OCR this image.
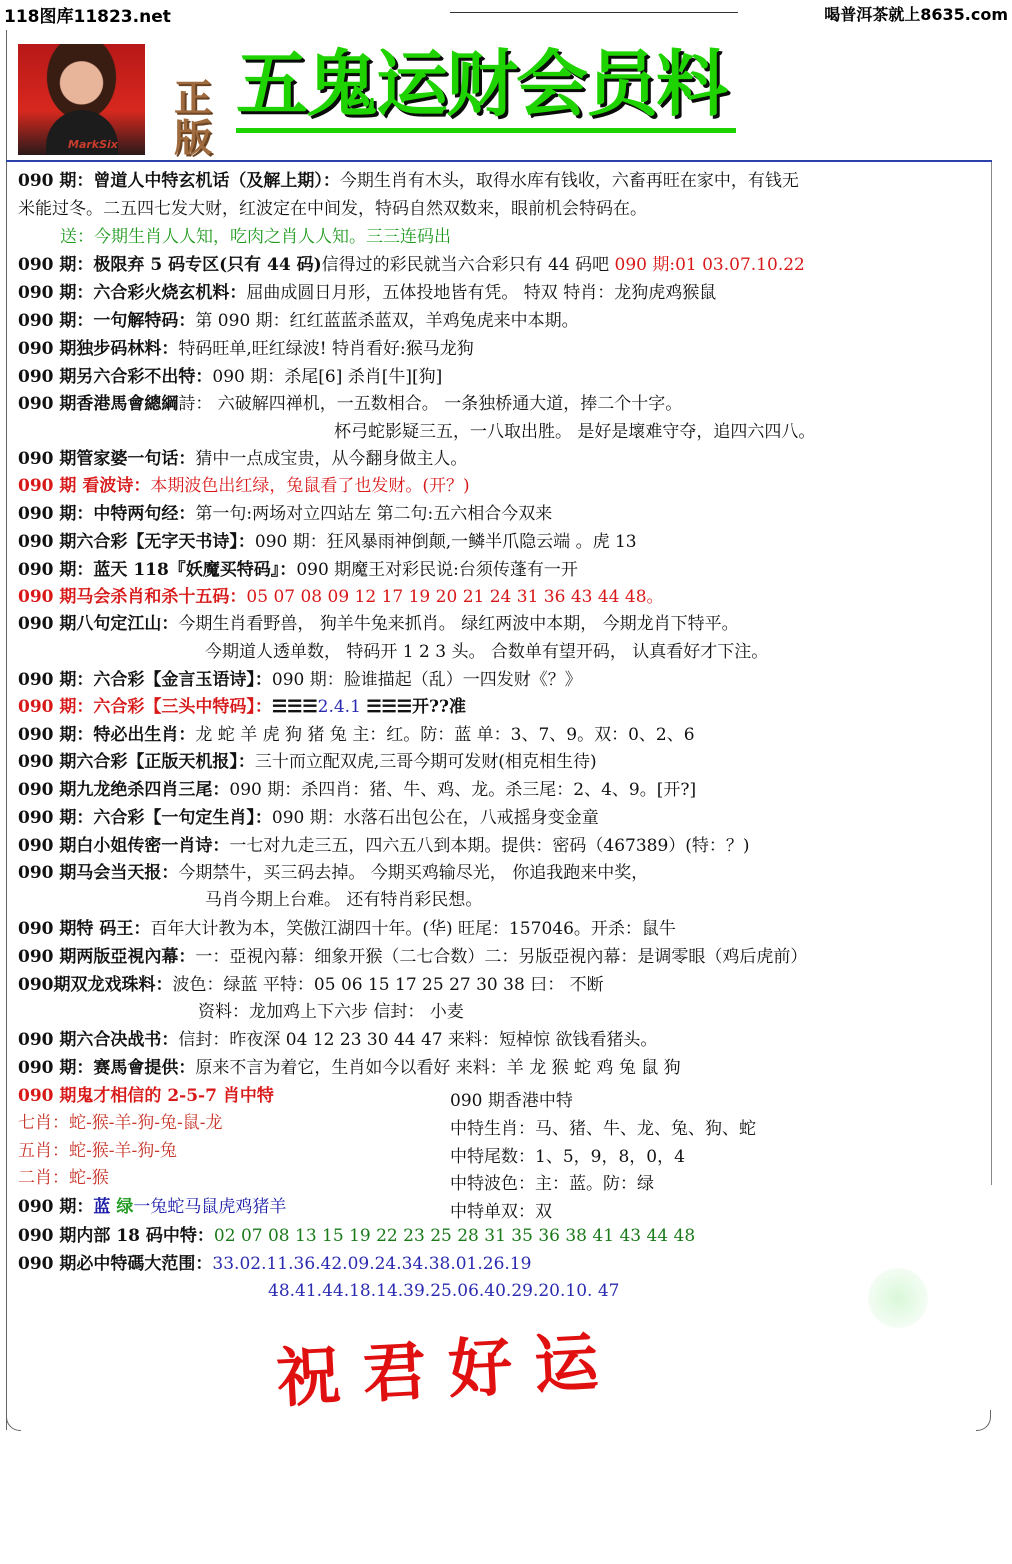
118图库11823.net	喝普洱茶就上8635.com
MarkSix
正版
五鬼运财会员料
090 期：曾道人中特玄机话（及解上期）：今期生肖有木头，取得水库有钱收，六畜再旺在家中，有钱无
米能过冬。二五四七发大财，红波定在中间发，特码自然双数来，眼前机会特码在。
送：今期生肖人人知，吃肉之肖人人知。三三连码出
090 期：极限弃 5 码专区(只有 44 码)信得过的彩民就当六合彩只有 44 码吧 090 期:01 03.07.10.22
090 期：六合彩火烧玄机料：屈曲成圆日月形，五体投地皆有凭。 特双 特肖：龙狗虎鸡猴鼠
090 期：一句解特码：第 090 期：红红蓝蓝杀蓝双，羊鸡兔虎来中本期。
090 期独步码林料：特码旺单,旺红绿波! 特肖看好:猴马龙狗
090 期另六合彩不出特：090 期：杀尾[6] 杀肖[牛][狗]
090 期香港馬會總綱詩： 六破解四禅机，一五数相合。 一条独桥通大道，捧二个十字。
杯弓蛇影疑三五，一八取出胜。 是好是壞难守夺，追四六四八。
090 期管家婆一句话：猜中一点成宝贵，从今翻身做主人。
090 期 看波诗：本期波色出红绿，兔鼠看了也发财。(开？)
090 期：中特两句经：第一句:两场对立四站左 第二句:五六相合今双来
090 期六合彩【无字天书诗】：090 期：狂风暴雨神倒颠,一鳞半爪隐云端 。虎 13
090 期：蓝天 118『妖魔买特码』：090 期魔王对彩民说:台须传蓬有一开
090 期马会杀肖和杀十五码：05 07 08 09 12 17 19 20 21 24 31 36 43 44 48。
090 期八句定江山：今期生肖看野兽， 狗羊牛兔来抓肖。 绿红两波中本期， 今期龙肖下特平。
今期道人透单数， 特码开 1 2 3 头。 合数单有望开码， 认真看好才下注。
090 期：六合彩【金言玉语诗】：090 期：脸谁描起（乱）一四发财《？》
090 期：六合彩【三头中特码】：☰☰☰2.4.1 ☰☰☰开??准
090 期：特必出生肖：龙 蛇 羊 虎 狗 猪 兔 主：红。防：蓝 单：3、7、9。双：0、2、6
090 期六合彩【正版天机报】：三十而立配双虎,三哥今期可发财(相克相生待)
090 期九龙绝杀四肖三尾：090 期：杀四肖：猪、牛、鸡、龙。杀三尾：2、4、9。[开?]
090 期：六合彩【一句定生肖】：090 期：水落石出包公在，八戒摇身变金童
090 期白小姐传密一肖诗：一七对九走三五，四六五八到本期。提供：密码（467389）(特：？)
090 期马会当天报：今期禁牛，买三码去掉。 今期买鸡输尽光， 你追我跑来中奖，
马肖今期上台难。 还有特肖彩民想。
090 期特 码王：百年大计教为本，笑傲江湖四十年。(华) 旺尾：157046。开杀：鼠牛
090 期两版亞視內幕：一：亞視內幕：细象开猴（二七合数）二：另版亞視內幕：是调零眼（鸡后虎前）
090期双龙戏珠料：波色：绿蓝 平特：05 06 15 17 25 27 30 38 曰： 不断
资料：龙加鸡上下六步 信封： 小麦
090 期六合决战书：信封：昨夜深 04 12 23 30 44 47 来料：短棹惊 欲钱看猪头。
090 期：赛馬會提供：原来不言为着它，生肖如今以看好 来料：羊 龙 猴 蛇 鸡 兔 鼠 狗
090 期鬼才相信的 2-5-7 肖中特
七肖：蛇-猴-羊-狗-兔-鼠-龙
五肖：蛇-猴-羊-狗-兔
二肖：蛇-猴
090 期香港中特
中特生肖：马、猪、牛、龙、兔、狗、蛇
中特尾数：1、5，9，8，0，4
中特波色：主：蓝。防：绿
中特单双：双
090 期：蓝 绿一兔蛇马鼠虎鸡猪羊
090 期内部 18 码中特：02 07 08 13 15 19 22 23 25 28 31 35 36 38 41 43 44 48
090 期必中特碼大范围：33.02.11.36.42.09.24.34.38.01.26.19
48.41.44.18.14.39.25.06.40.29.20.10. 47
祝君好运
